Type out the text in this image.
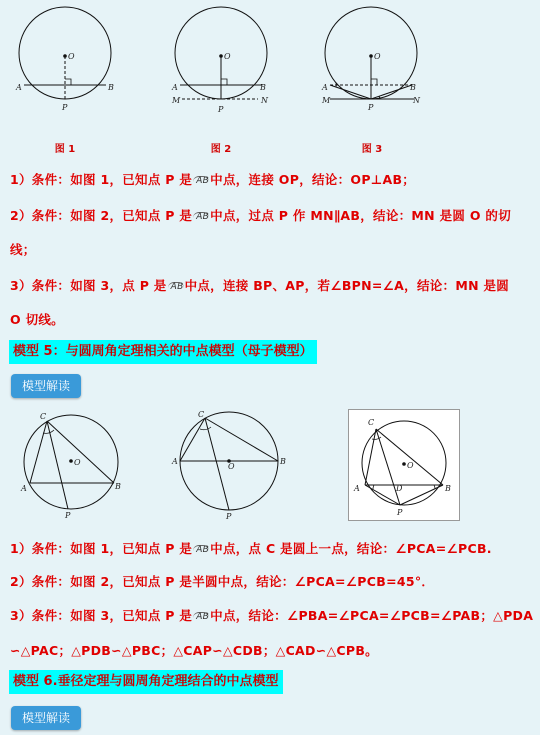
O
A	B
P
图 1
O
A	B
M	N
P
图 2
O
A	B
M	N
P
图 3
1）条件：如图 1，已知点 P 是 AB中点，连接 OP，结论：OP⊥AB；
2）条件：如图 2，已知点 P 是 AB中点，过点 P 作 MN∥AB，结论：MN 是圆 O 的切
线；
3）条件：如图 3，点 P 是 AB中点，连接 BP、AP，若∠BPN=∠A，结论：MN 是圆
O 切线。
模型 5：与圆周角定理相关的中点模型（母子模型）
模型解读
C
O
A	B
P
C
O
A	B
P
C
O
A	B
D
P
1）条件：如图 1，已知点 P 是 AB中点，点 C 是圆上一点，结论：∠PCA=∠PCB.
2）条件：如图 2，已知点 P 是半圆中点，结论：∠PCA=∠PCB=45°．
3）条件：如图 3，已知点 P 是 AB中点，结论：∠PBA=∠PCA=∠PCB=∠PAB；△PDA
∽△PAC；△PDB∽△PBC；△CAP∽△CDB；△CAD∽△CPB。
模型 6.垂径定理与圆周角定理结合的中点模型
模型解读
